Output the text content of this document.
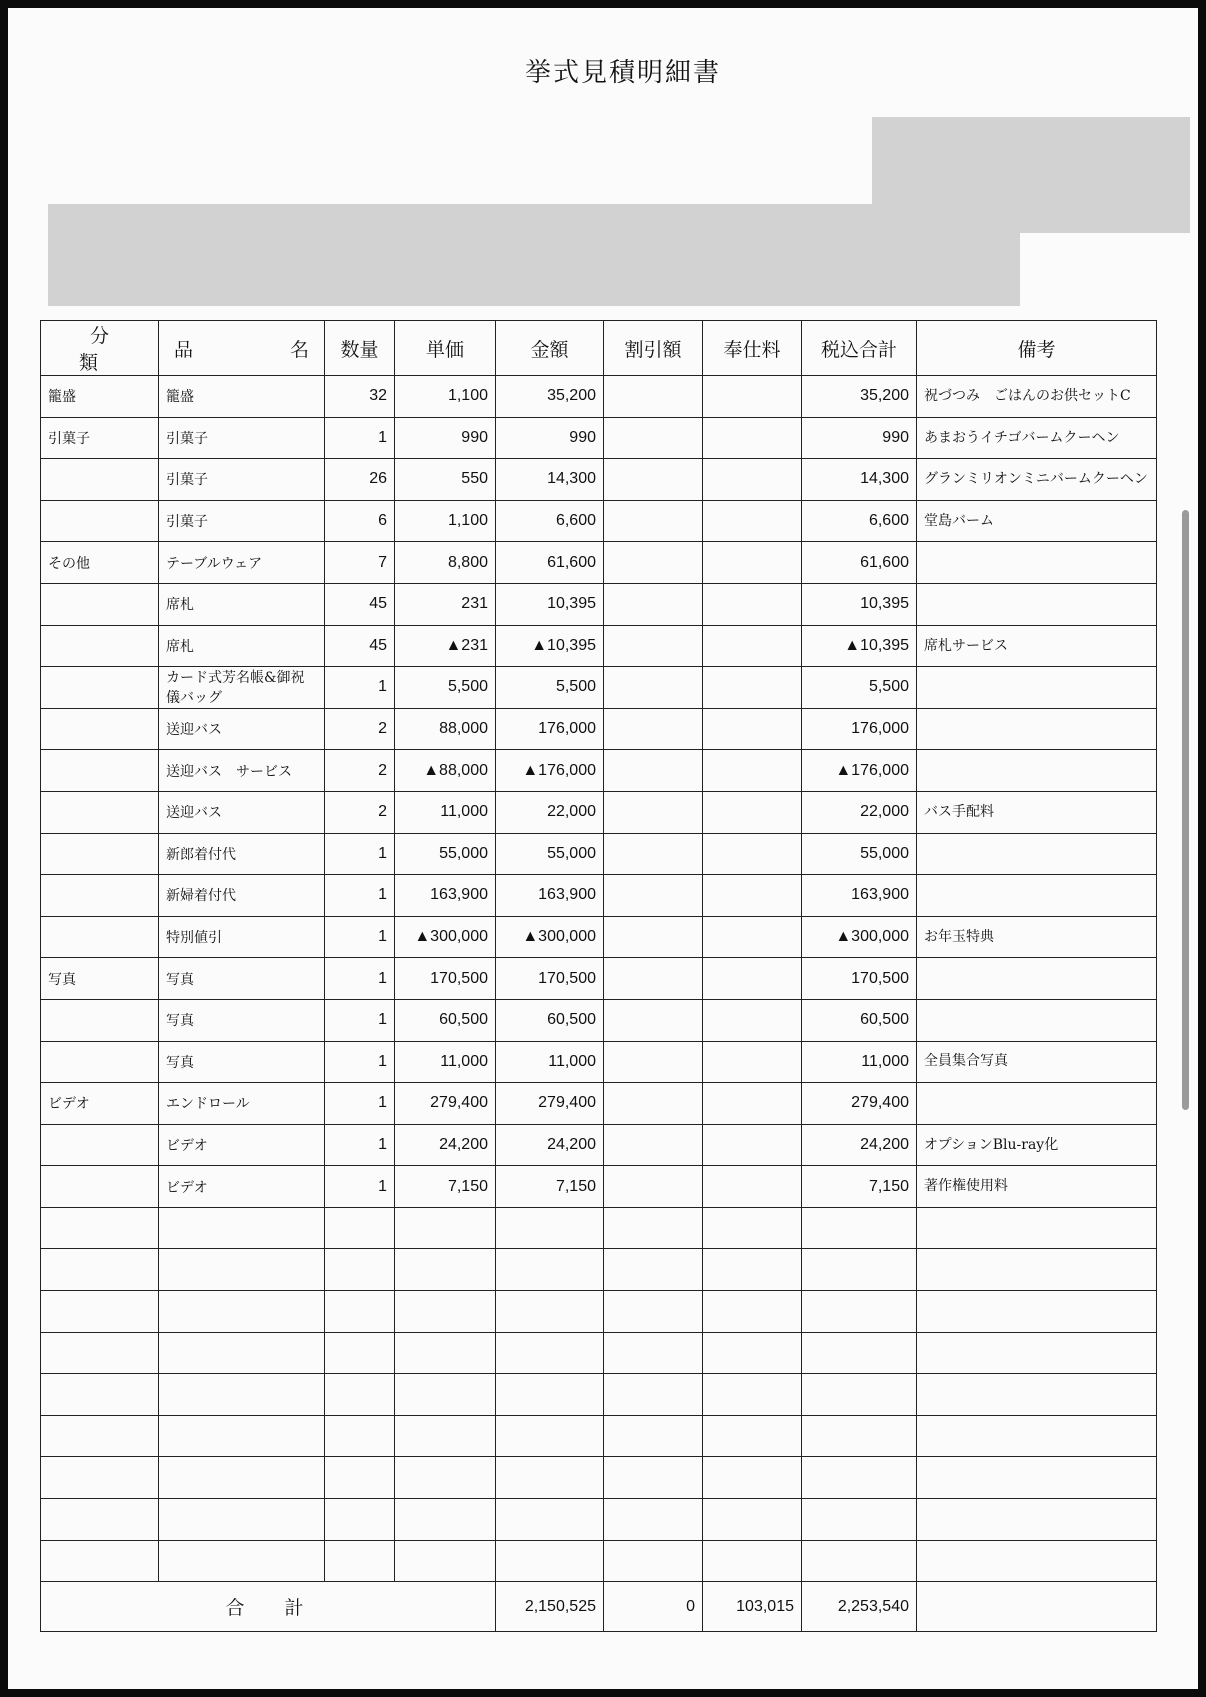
挙式見積明細書
分 類	品 名	数量	単価	金額	割引額	奉仕料	税込合計	備考
籠盛	籠盛	32	1,100	35,200			35,200	祝づつみ　ごはんのお供セットC
引菓子	引菓子	1	990	990			990	あまおうイチゴバームクーヘン
	引菓子	26	550	14,300			14,300	グランミリオンミニバームクーヘン
	引菓子	6	1,100	6,600			6,600	堂島バーム
その他	テーブルウェア	7	8,800	61,600			61,600	
	席札	45	231	10,395			10,395	
	席札	45	▲231	▲10,395			▲10,395	席札サービス
	カード式芳名帳&御祝儀バッグ	1	5,500	5,500			5,500	
	送迎バス	2	88,000	176,000			176,000	
	送迎バス　サービス	2	▲88,000	▲176,000			▲176,000	
	送迎バス	2	11,000	22,000			22,000	バス手配料
	新郎着付代	1	55,000	55,000			55,000	
	新婦着付代	1	163,900	163,900			163,900	
	特別値引	1	▲300,000	▲300,000			▲300,000	お年玉特典
写真	写真	1	170,500	170,500			170,500	
	写真	1	60,500	60,500			60,500	
	写真	1	11,000	11,000			11,000	全員集合写真
ビデオ	エンドロール	1	279,400	279,400			279,400	
	ビデオ	1	24,200	24,200			24,200	オプションBlu-ray化
	ビデオ	1	7,150	7,150			7,150	著作権使用料

合計				2,150,525	0	103,015	2,253,540	
